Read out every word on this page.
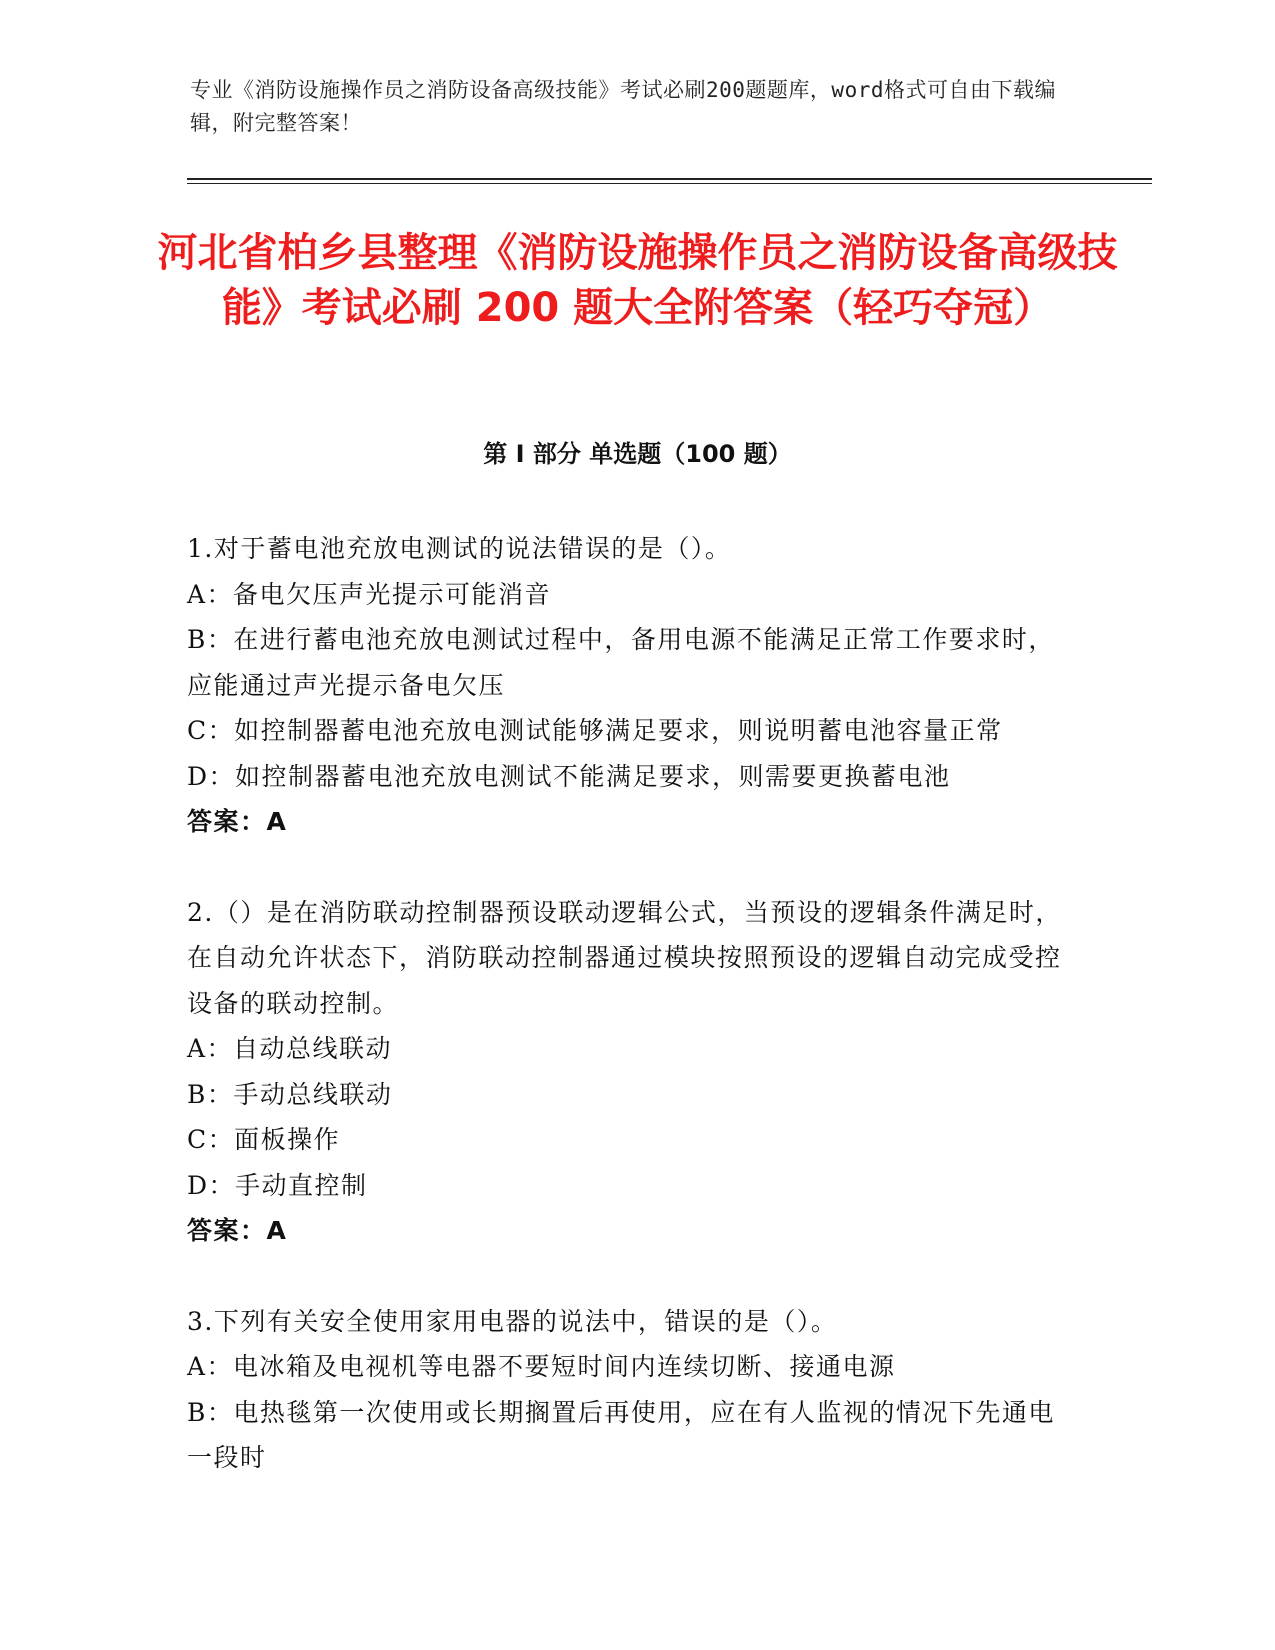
专业《消防设施操作员之消防设备高级技能》考试必刷200题题库，word格式可自由下载编辑，附完整答案！
河北省柏乡县整理《消防设施操作员之消防设备高级技能》考试必刷 200 题大全附答案（轻巧夺冠）
第 I 部分 单选题（100 题）

1.对于蓄电池充放电测试的说法错误的是（）。

A：备电欠压声光提示可能消音

B：在进行蓄电池充放电测试过程中，备用电源不能满足正常工作要求时，应能通过声光提示备电欠压

C：如控制器蓄电池充放电测试能够满足要求，则说明蓄电池容量正常

D：如控制器蓄电池充放电测试不能满足要求，则需要更换蓄电池

答案：A

2.（）是在消防联动控制器预设联动逻辑公式，当预设的逻辑条件满足时，在自动允许状态下，消防联动控制器通过模块按照预设的逻辑自动完成受控设备的联动控制。

A：自动总线联动

B：手动总线联动

C：面板操作

D：手动直控制

答案：A

3.下列有关安全使用家用电器的说法中，错误的是（）。

A：电冰箱及电视机等电器不要短时间内连续切断、接通电源

B：电热毯第一次使用或长期搁置后再使用，应在有人监视的情况下先通电一段时
